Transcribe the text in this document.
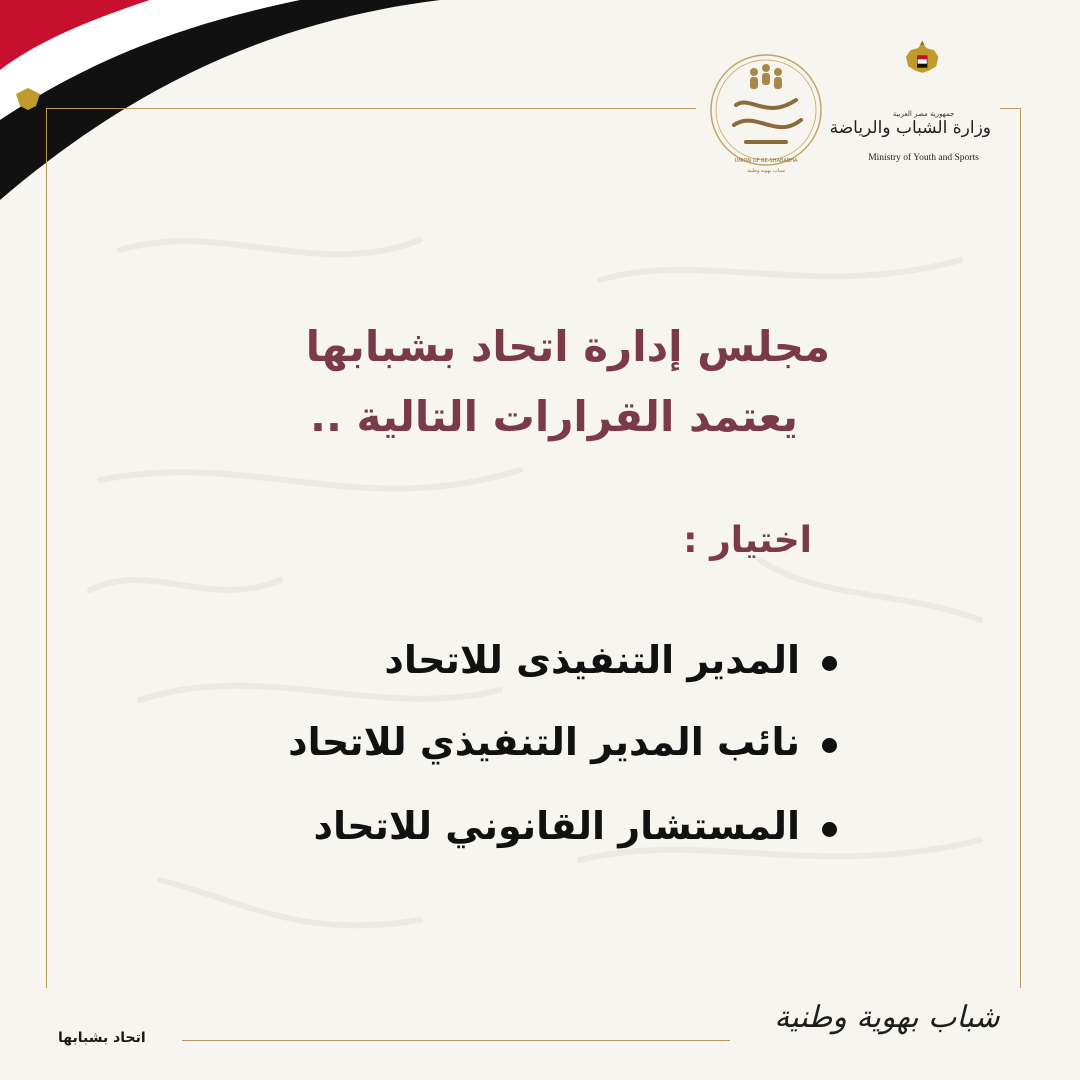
UNION OF BE-SHABABHA
شباب بهوية وطنية
جمهورية مصر العربية
وزارة الشباب والرياضة
Ministry of Youth and Sports
مجلس إدارة اتحاد بشبابها
يعتمد القرارات التالية ..
اختيار :
المدير التنفيذى للاتحاد
نائب المدير التنفيذي للاتحاد
المستشار القانوني للاتحاد
اتحاد بشبابها
شباب بهوية وطنية
